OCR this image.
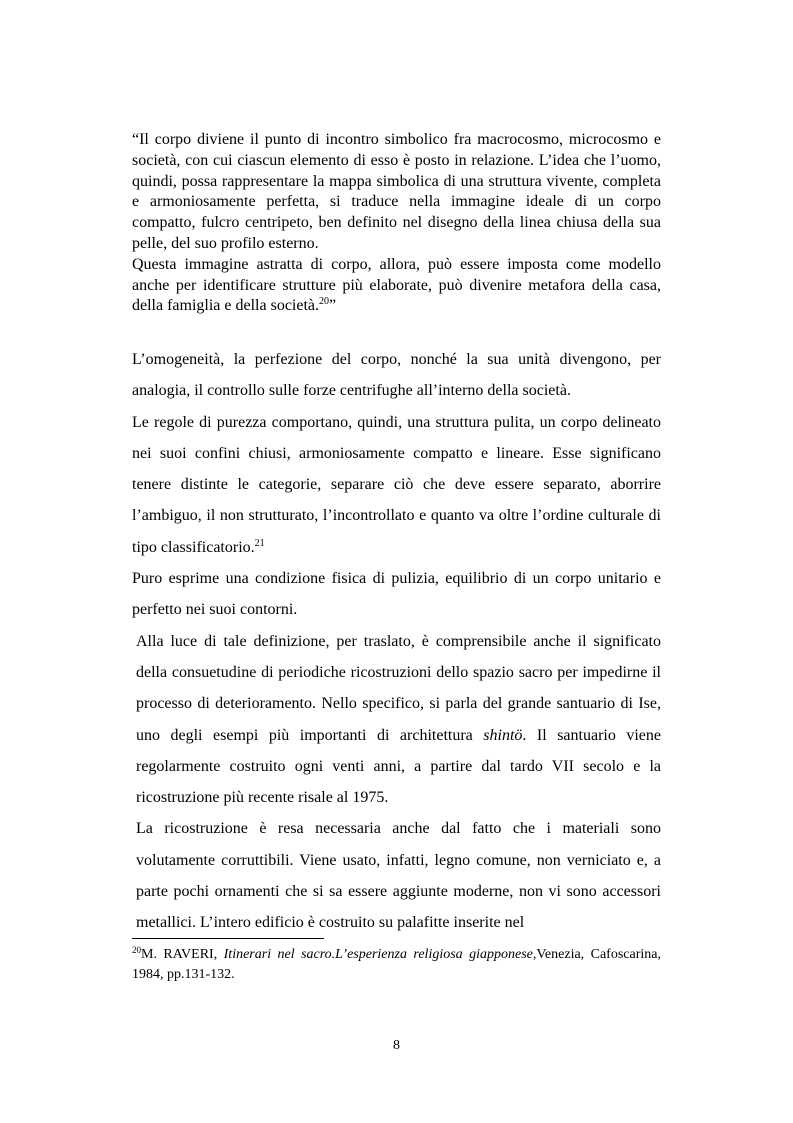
“Il corpo diviene il punto di incontro simbolico fra macrocosmo, microcosmo e società, con cui ciascun elemento di esso è posto in relazione. L’idea che l’uomo, quindi, possa rappresentare la mappa simbolica di una struttura vivente, completa e armoniosamente perfetta, si traduce nella immagine ideale di un corpo compatto, fulcro centripeto, ben definito nel disegno della linea chiusa della sua pelle, del suo profilo esterno.

Questa immagine astratta di corpo, allora, può essere imposta come modello anche per identificare strutture più elaborate, può divenire metafora della casa, della famiglia e della società.$^{20}$”

L’omogeneità, la perfezione del corpo, nonché la sua unità divengono, per analogia, il controllo sulle forze centrifughe all’interno della società.

Le regole di purezza comportano, quindi, una struttura pulita, un corpo delineato nei suoi confini chiusi, armoniosamente compatto e lineare. Esse significano tenere distinte le categorie, separare ciò che deve essere separato, aborrire l’ambiguo, il non strutturato, l’incontrollato e quanto va oltre l’ordine culturale di tipo classificatorio.$^{21}$

Puro esprime una condizione fisica di pulizia, equilibrio di un corpo unitario e perfetto nei suoi contorni.

Alla luce di tale definizione, per traslato, è comprensibile anche il significato della consuetudine di periodiche ricostruzioni dello spazio sacro per impedirne il processo di deterioramento. Nello specifico, si parla del grande santuario di Ise, uno degli esempi più importanti di architettura shintö. Il santuario viene regolarmente costruito ogni venti anni, a partire dal tardo VII secolo e la ricostruzione più recente risale al 1975.

La ricostruzione è resa necessaria anche dal fatto che i materiali sono volutamente corruttibili. Viene usato, infatti, legno comune, non verniciato e, a parte pochi ornamenti che si sa essere aggiunte moderne, non vi sono accessori metallici. L’intero edificio è costruito su palafitte inserite nel

$^{20}$M. RAVERI, Itinerari nel sacro.L’esperienza religiosa giapponese,Venezia, Cafoscarina, 1984, pp.131-132.

8
